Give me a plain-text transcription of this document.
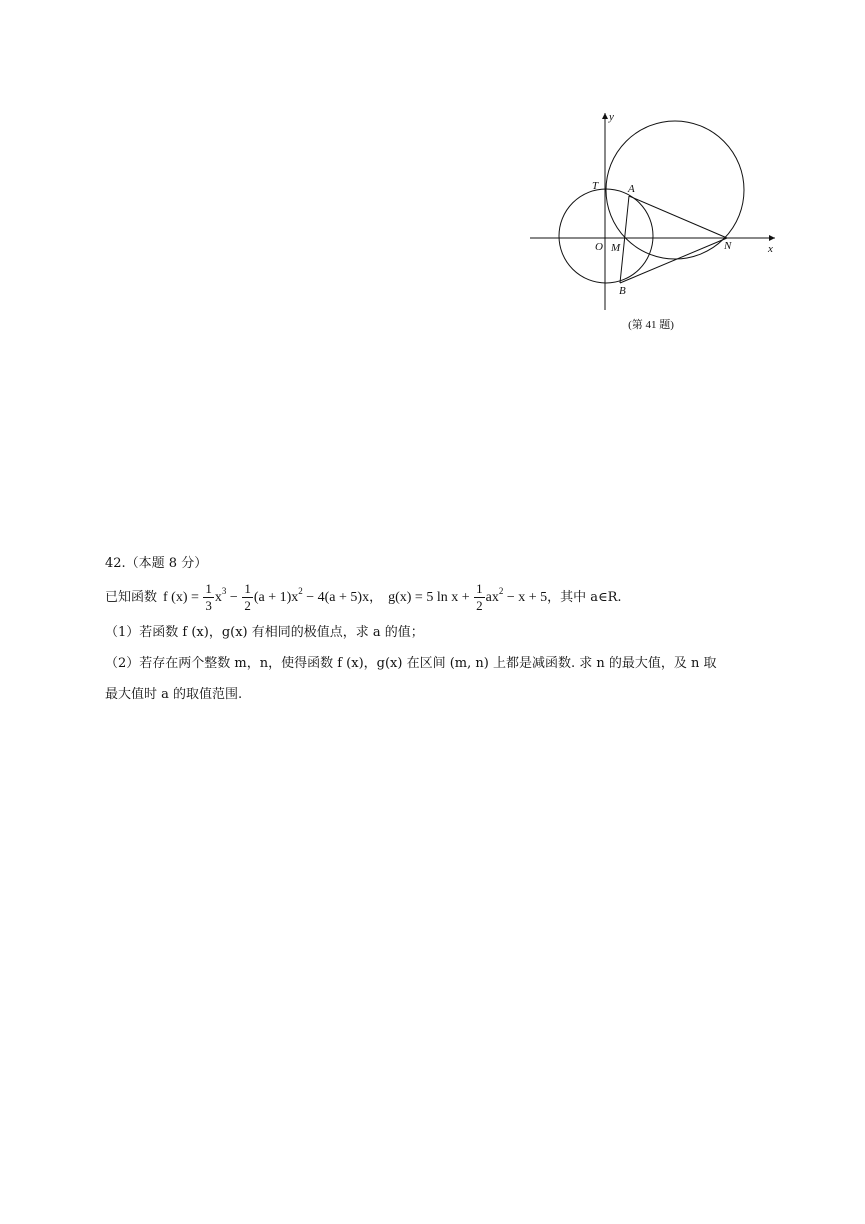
y
x
T	A
O M	N
B
(第 41 题)
42.（本题 8 分）
已知函数 f $(x) = \frac{1}{3} x^3 - \frac{1}{2} (a + 1)x^2 - 4(a + 5)x$ ， g(x) = 5 $\ln x + \frac{1}{2} ax^2 - x + 5$ ，其中 a∈R.
（1）若函数 f (x)，g(x) 有相同的极值点，求 a 的值；
（2）若存在两个整数 m，n，使得函数 f (x)，g(x) 在区间 (m, n) 上都是减函数. 求 n 的最大值，及 n 取
最大值时 a 的取值范围.
